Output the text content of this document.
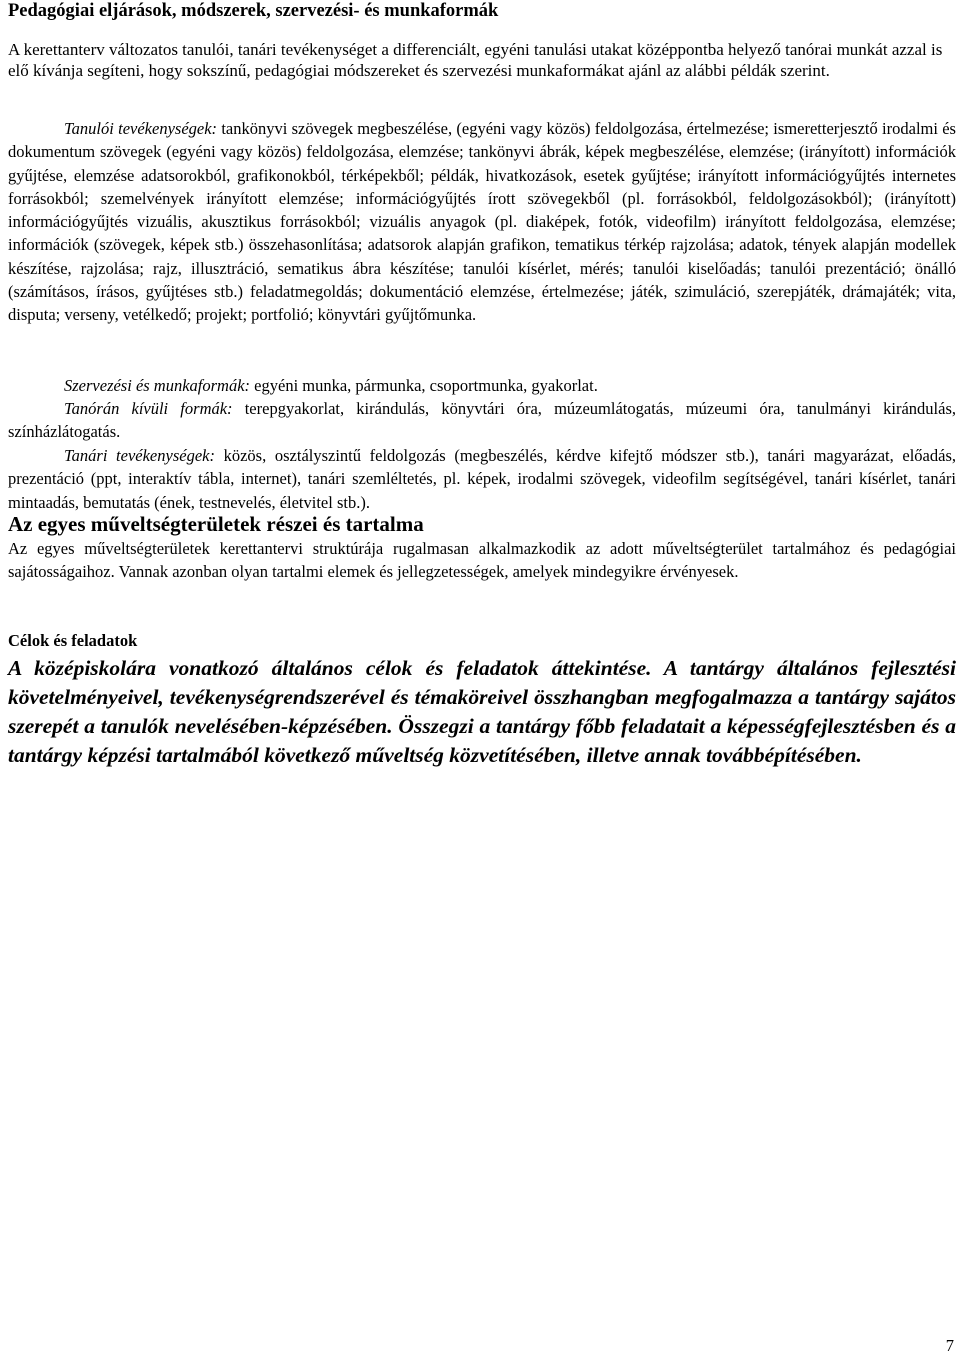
Pedagógiai eljárások, módszerek, szervezési- és munkaformák

A kerettanterv változatos tanulói, tanári tevékenységet a differenciált, egyéni tanulási utakat középpontba helyező tanórai munkát azzal is elő kívánja segíteni, hogy sokszínű, pedagógiai módszereket és szervezési munkaformákat ajánl az alábbi példák szerint.

Tanulói tevékenységek: tankönyvi szövegek megbeszélése, (egyéni vagy közös) feldolgozása, értelmezése; ismeretterjesztő irodalmi és dokumentum szövegek (egyéni vagy közös) feldolgozása, elemzése; tankönyvi ábrák, képek megbeszélése, elemzése; (irányított) információk gyűjtése, elemzése adatsorokból, grafikonokból, térképekből; példák, hivatkozások, esetek gyűjtése; irányított információgyűjtés internetes forrásokból; szemelvények irányított elemzése; információgyűjtés írott szövegekből (pl. forrásokból, feldolgozásokból); (irányított) információgyűjtés vizuális, akusztikus forrásokból; vizuális anyagok (pl. diaképek, fotók, videofilm) irányított feldolgozása, elemzése; információk (szövegek, képek stb.) összehasonlítása; adatsorok alapján grafikon, tematikus térkép rajzolása; adatok, tények alapján modellek készítése, rajzolása; rajz, illusztráció, sematikus ábra készítése; tanulói kísérlet, mérés; tanulói kiselőadás; tanulói prezentáció; önálló (számításos, írásos, gyűjtéses stb.) feladatmegoldás; dokumentáció elemzése, értelmezése; játék, szimuláció, szerepjáték, drámajáték; vita, disputa; verseny, vetélkedő; projekt; portfolió; könyvtári gyűjtőmunka.

Szervezési és munkaformák: egyéni munka, pármunka, csoportmunka, gyakorlat.

Tanórán kívüli formák: terepgyakorlat, kirándulás, könyvtári óra, múzeumlátogatás, múzeumi óra, tanulmányi kirándulás, színházlátogatás.

Tanári tevékenységek: közös, osztályszintű feldolgozás (megbeszélés, kérdve kifejtő módszer stb.), tanári magyarázat, előadás, prezentáció (ppt, interaktív tábla, internet), tanári szemléltetés, pl. képek, irodalmi szövegek, videofilm segítségével, tanári kísérlet, tanári mintaadás, bemutatás (ének, testnevelés, életvitel stb.).

Az egyes műveltségterületek részei és tartalma

Az egyes műveltségterületek kerettantervi struktúrája rugalmasan alkalmazkodik az adott műveltségterület tartalmához és pedagógiai sajátosságaihoz. Vannak azonban olyan tartalmi elemek és jellegzetességek, amelyek mindegyikre érvényesek.

Célok és feladatok

A középiskolára vonatkozó általános célok és feladatok áttekintése. A tantárgy általános fejlesztési követelményeivel, tevékenységrendszerével és témaköreivel összhangban megfogalmazza a tantárgy sajátos szerepét a tanulók nevelésében-képzésében. Összegzi a tantárgy főbb feladatait a képességfejlesztésben és a tantárgy képzési tartalmából következő műveltség közvetítésében, illetve annak továbbépítésében.

7
